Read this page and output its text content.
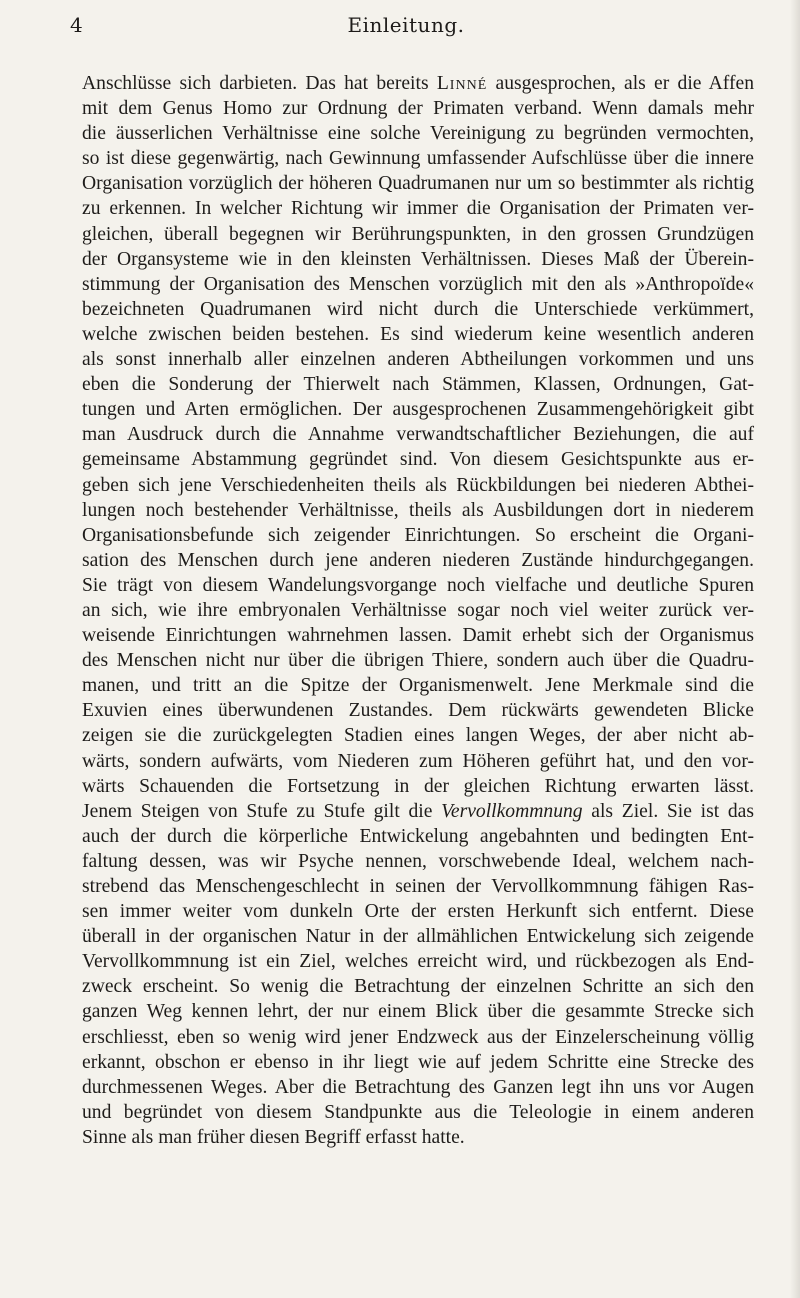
4	Einleitung.
Anschlüsse sich darbieten. Das hat bereits Linné ausgesprochen, als er die Affen
mit dem Genus Homo zur Ordnung der Primaten verband. Wenn damals mehr
die äusserlichen Verhältnisse eine solche Vereinigung zu begründen vermochten,
so ist diese gegenwärtig, nach Gewinnung umfassender Aufschlüsse über die innere
Organisation vorzüglich der höheren Quadrumanen nur um so bestimmter als richtig
zu erkennen. In welcher Richtung wir immer die Organisation der Primaten ver-
gleichen, überall begegnen wir Berührungspunkten, in den grossen Grundzügen
der Organsysteme wie in den kleinsten Verhältnissen. Dieses Maß der Überein-
stimmung der Organisation des Menschen vorzüglich mit den als »Anthropoïde«
bezeichneten Quadrumanen wird nicht durch die Unterschiede verkümmert,
welche zwischen beiden bestehen. Es sind wiederum keine wesentlich anderen
als sonst innerhalb aller einzelnen anderen Abtheilungen vorkommen und uns
eben die Sonderung der Thierwelt nach Stämmen, Klassen, Ordnungen, Gat-
tungen und Arten ermöglichen. Der ausgesprochenen Zusammengehörigkeit gibt
man Ausdruck durch die Annahme verwandtschaftlicher Beziehungen, die auf
gemeinsame Abstammung gegründet sind. Von diesem Gesichtspunkte aus er-
geben sich jene Verschiedenheiten theils als Rückbildungen bei niederen Abthei-
lungen noch bestehender Verhältnisse, theils als Ausbildungen dort in niederem
Organisationsbefunde sich zeigender Einrichtungen. So erscheint die Organi-
sation des Menschen durch jene anderen niederen Zustände hindurchgegangen.
Sie trägt von diesem Wandelungsvorgange noch vielfache und deutliche Spuren
an sich, wie ihre embryonalen Verhältnisse sogar noch viel weiter zurück ver-
weisende Einrichtungen wahrnehmen lassen. Damit erhebt sich der Organismus
des Menschen nicht nur über die übrigen Thiere, sondern auch über die Quadru-
manen, und tritt an die Spitze der Organismenwelt. Jene Merkmale sind die
Exuvien eines überwundenen Zustandes. Dem rückwärts gewendeten Blicke
zeigen sie die zurückgelegten Stadien eines langen Weges, der aber nicht ab-
wärts, sondern aufwärts, vom Niederen zum Höheren geführt hat, und den vor-
wärts Schauenden die Fortsetzung in der gleichen Richtung erwarten lässt.
Jenem Steigen von Stufe zu Stufe gilt die Vervollkommnung als Ziel. Sie ist das
auch der durch die körperliche Entwickelung angebahnten und bedingten Ent-
faltung dessen, was wir Psyche nennen, vorschwebende Ideal, welchem nach-
strebend das Menschengeschlecht in seinen der Vervollkommnung fähigen Ras-
sen immer weiter vom dunkeln Orte der ersten Herkunft sich entfernt. Diese
überall in der organischen Natur in der allmählichen Entwickelung sich zeigende
Vervollkommnung ist ein Ziel, welches erreicht wird, und rückbezogen als End-
zweck erscheint. So wenig die Betrachtung der einzelnen Schritte an sich den
ganzen Weg kennen lehrt, der nur einem Blick über die gesammte Strecke sich
erschliesst, eben so wenig wird jener Endzweck aus der Einzelerscheinung völlig
erkannt, obschon er ebenso in ihr liegt wie auf jedem Schritte eine Strecke des
durchmessenen Weges. Aber die Betrachtung des Ganzen legt ihn uns vor Augen
und begründet von diesem Standpunkte aus die Teleologie in einem anderen
Sinne als man früher diesen Begriff erfasst hatte.
